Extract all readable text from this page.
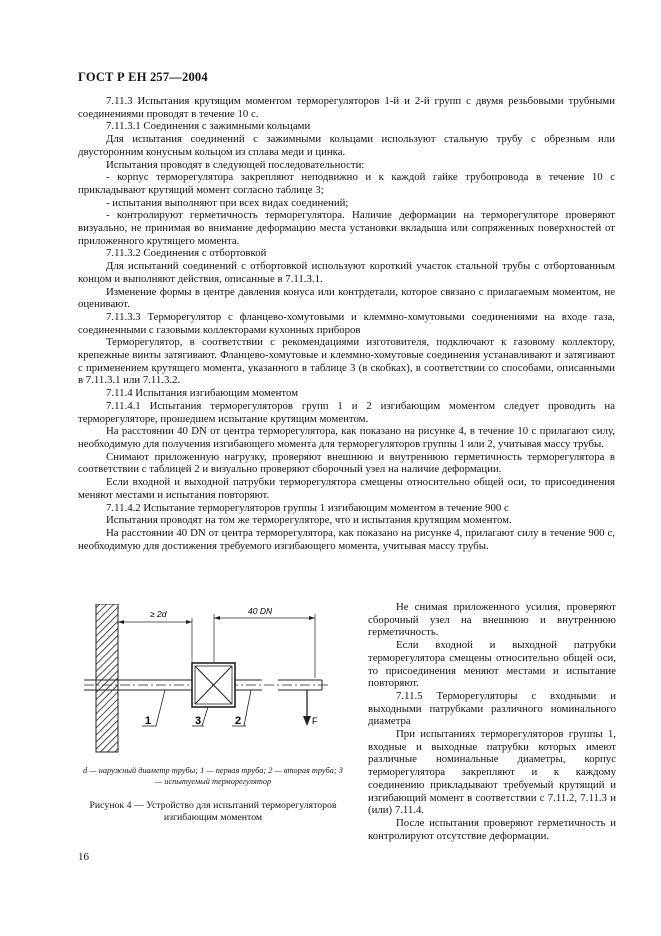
ГОСТ Р ЕН 257—2004

7.11.3 Испытания крутящим моментом терморегуляторов 1-й и 2-й групп с двумя резьбовыми трубными соединениями проводят в течение 10 с.

7.11.3.1 Соединения с зажимными кольцами

Для испытания соединений с зажимными кольцами используют стальную трубу с обрезным или двусторонним конусным кольцом из сплава меди и цинка.

Испытания проводят в следующей последовательности:

- корпус терморегулятора закрепляют неподвижно и к каждой гайке трубопровода в течение 10 с прикладывают крутящий момент согласно таблице 3;

- испытания выполняют при всех видах соединений;

- контролируют герметичность терморегулятора. Наличие деформации на терморегуляторе проверяют визуально, не принимая во внимание деформацию места установки вкладыша или сопряженных поверхностей от приложенного крутящего момента.

7.11.3.2 Соединения с отбортовкой

Для испытаний соединений с отбортовкой используют короткий участок стальной трубы с отбортованным концом и выполняют действия, описанные в 7.11.3.1.

Изменение формы в центре давления конуса или контрдетали, которое связано с прилагаемым моментом, не оценивают.

7.11.3.3 Терморегулятор с фланцево-хомутовыми и клеммно-хомутовыми соединениями на входе газа, соединенными с газовыми коллекторами кухонных приборов

Терморегулятор, в соответствии с рекомендациями изготовителя, подключают к газовому коллектору, крепежные винты затягивают. Фланцево-хомутовые и клеммно-хомутовые соединения устанавливают и затягивают с применением крутящего момента, указанного в таблице 3 (в скобках), в соответствии со способами, описанными в 7.11.3.1 или 7.11.3.2.

7.11.4 Испытания изгибающим моментом

7.11.4.1 Испытания терморегуляторов групп 1 и 2 изгибающим моментом следует проводить на терморегуляторе, прошедшем испытание крутящим моментом.

На расстоянии 40 DN от центра терморегулятора, как показано на рисунке 4, в течение 10 с прилагают силу, необходимую для получения изгибающего момента для терморегуляторов группы 1 или 2, учитывая массу трубы.

Снимают приложенную нагрузку, проверяют внешнюю и внутреннюю герметичность терморегулятора в соответствии с таблицей 2 и визуально проверяют сборочный узел на наличие деформации.

Если входной и выходной патрубки терморегулятора смещены относительно общей оси, то присоединения меняют местами и испытания повторяют.

7.11.4.2 Испытание терморегуляторов группы 1 изгибающим моментом в течение 900 с

Испытания проводят на том же терморегуляторе, что и испытания крутящим моментом.

На расстоянии 40 DN от центра терморегулятора, как показано на рисунке 4, прилагают силу в течение 900 с, необходимую для достижения требуемого изгибающего момента, учитывая массу трубы.

≥ 2d	40 DN
F
1	3	2
d — наружный диаметр трубы; 1 — первая труба; 2 — вторая труба; 3 — испытуемый терморегулятор
Рисунок 4 — Устройство для испытаний терморегуляторов изгибающим моментом

Не снимая приложенного усилия, проверяют сборочный узел на внешнюю и внутреннюю герметичность.

Если входной и выходной патрубки терморегулятора смещены относительно общей оси, то присоединения меняют местами и испытание повторяют.

7.11.5 Терморегуляторы с входными и выходными патрубками различного номинального диаметра

При испытаниях терморегуляторов группы 1, входные и выходные патрубки которых имеют различные номинальные диаметры, корпус терморегулятора закрепляют и к каждому соединению прикладывают требуемый крутящий и изгибающий момент в соответствии с 7.11.2, 7.11.3 и (или) 7.11.4.

После испытания проверяют герметичность и контролируют отсутствие деформации.

16
